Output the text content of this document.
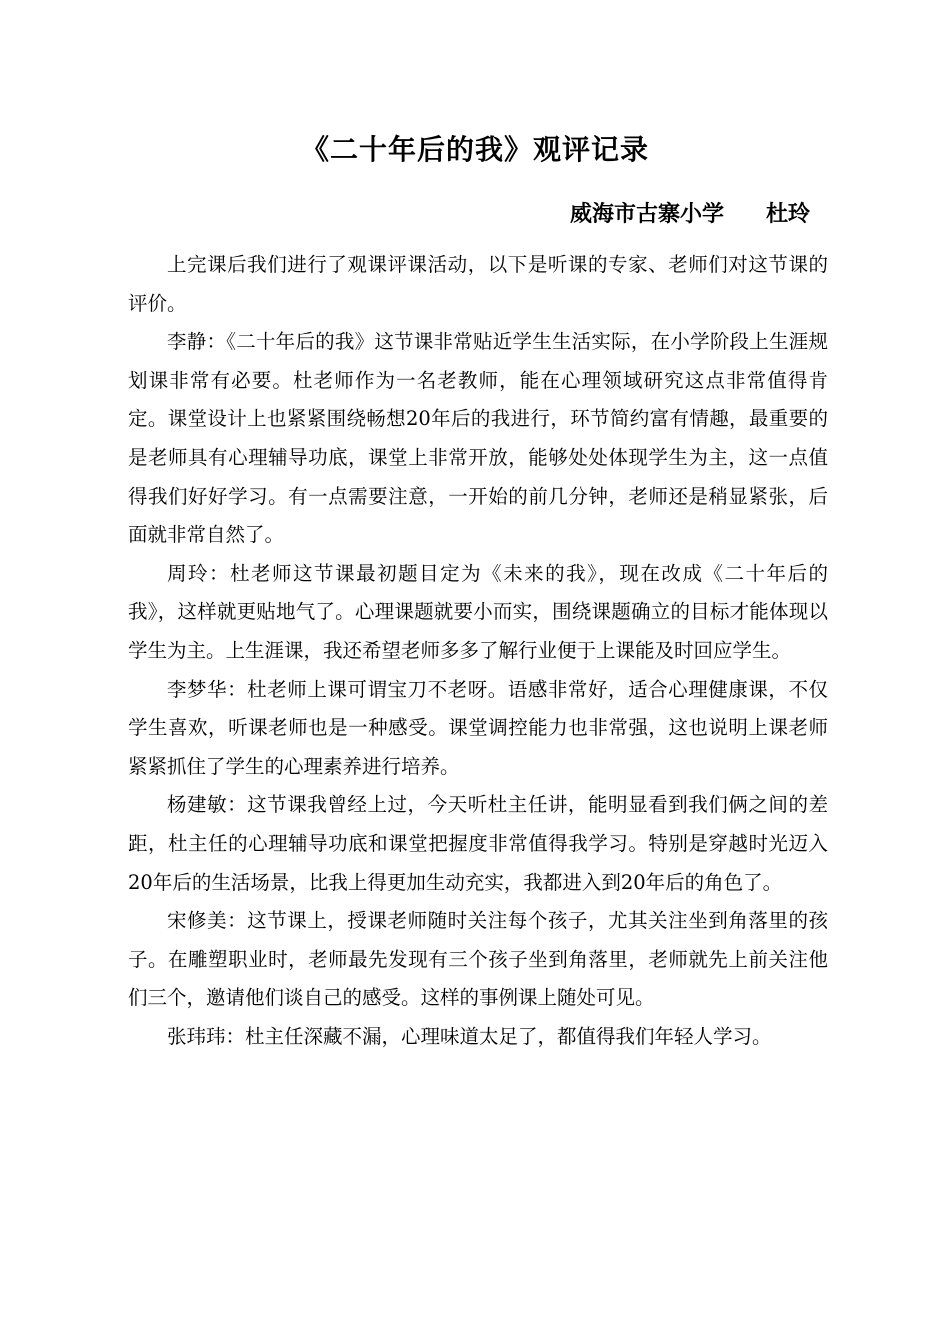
《二十年后的我》观评记录
威海市古寨小学 杜玲

上完课后我们进行了观课评课活动，以下是听课的专家、老师们对这节课的评价。

李静：《二十年后的我》这节课非常贴近学生生活实际，在小学阶段上生涯规划课非常有必要。杜老师作为一名老教师，能在心理领域研究这点非常值得肯定。课堂设计上也紧紧围绕畅想20年后的我进行，环节简约富有情趣，最重要的是老师具有心理辅导功底，课堂上非常开放，能够处处体现学生为主，这一点值得我们好好学习。有一点需要注意，一开始的前几分钟，老师还是稍显紧张，后面就非常自然了。

周玲：杜老师这节课最初题目定为《未来的我》，现在改成《二十年后的我》，这样就更贴地气了。心理课题就要小而实，围绕课题确立的目标才能体现以学生为主。上生涯课，我还希望老师多多了解行业便于上课能及时回应学生。

李梦华：杜老师上课可谓宝刀不老呀。语感非常好，适合心理健康课，不仅学生喜欢，听课老师也是一种感受。课堂调控能力也非常强，这也说明上课老师紧紧抓住了学生的心理素养进行培养。

杨建敏：这节课我曾经上过，今天听杜主任讲，能明显看到我们俩之间的差距，杜主任的心理辅导功底和课堂把握度非常值得我学习。特别是穿越时光迈入20年后的生活场景，比我上得更加生动充实，我都进入到20年后的角色了。

宋修美：这节课上，授课老师随时关注每个孩子，尤其关注坐到角落里的孩子。在雕塑职业时，老师最先发现有三个孩子坐到角落里，老师就先上前关注他们三个，邀请他们谈自己的感受。这样的事例课上随处可见。

张玮玮：杜主任深藏不漏，心理味道太足了，都值得我们年轻人学习。
